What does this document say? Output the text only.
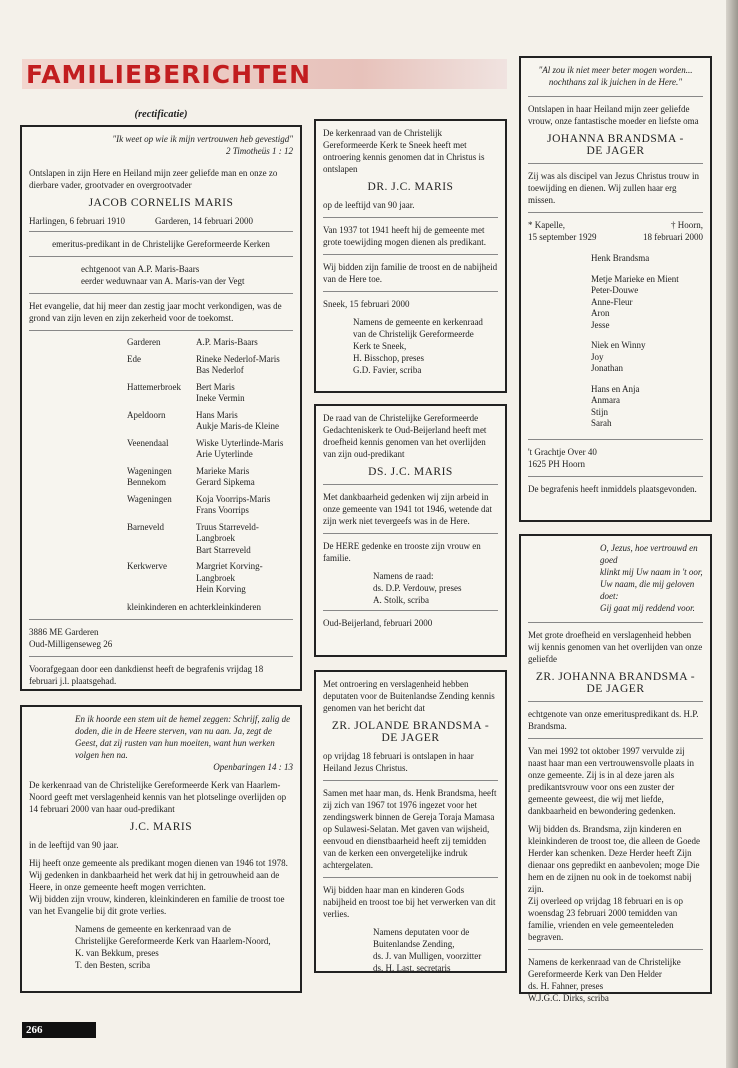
FAMILIEBERICHTEN
(rectificatie)

"Ik weet op wie ik mijn vertrouwen heb gevestigd"

2 Timotheüs 1 : 12

Ontslapen in zijn Here en Heiland mijn zeer geliefde man en onze zo dierbare vader, grootvader en overgrootvader

JACOB CORNELIS MARIS
Harlingen, 6 februari 1910	Garderen, 14 februari 2000

emeritus-predikant in de Christelijke Gereformeerde Kerken

echtgenoot van A.P. Maris-Baars
eerder weduwnaar van A. Maris-van der Vegt

Het evangelie, dat hij meer dan zestig jaar mocht verkondigen, was de grond van zijn leven en zijn zekerheid voor de toekomst.

Garderen	A.P. Maris-Baars
Ede	Rineke Nederlof-Maris
Bas Nederlof
Hattemerbroek	Bert Maris
Ineke Vermin
Apeldoorn	Hans Maris
Aukje Maris-de Kleine
Veenendaal	Wiske Uyterlinde-Maris
Arie Uyterlinde
Wageningen
Bennekom	Marieke Maris
Gerard Sipkema
Wageningen	Koja Voorrips-Maris
Frans Voorrips
Barneveld	Truus Starreveld-Langbroek
Bart Starreveld
Kerkwerve	Margriet Korving-Langbroek
Hein Korving
kleinkinderen en achterkleinkinderen
3886 ME Garderen
Oud-Milligenseweg 26

Voorafgegaan door een dankdienst heeft de begrafenis vrijdag 18 februari j.l. plaatsgehad.

En ik hoorde een stem uit de hemel zeggen: Schrijf, zalig de doden, die in de Heere sterven, van nu aan. Ja, zegt de Geest, dat zij rusten van hun moeiten, want hun werken volgen hen na.

Openbaringen 14 : 13

De kerkenraad van de Christelijke Gereformeerde Kerk van Haarlem-Noord geeft met verslagenheid kennis van het plotselinge overlijden op 14 februari 2000 van haar oud-predikant

J.C. MARIS

in de leeftijd van 90 jaar.

Hij heeft onze gemeente als predikant mogen dienen van 1946 tot 1978. Wij gedenken in dankbaarheid het werk dat hij in getrouwheid aan de Heere, in onze gemeente heeft mogen verrichten.

Wij bidden zijn vrouw, kinderen, kleinkinderen en familie de troost toe van het Evangelie bij dit grote verlies.

Namens de gemeente en kerkenraad van de
Christelijke Gereformeerde Kerk van Haarlem-Noord,
K. van Bekkum, preses
T. den Besten, scriba

De kerkenraad van de Christelijk Gereformeerde Kerk te Sneek heeft met ontroering kennis genomen dat in Christus is ontslapen

DR. J.C. MARIS

op de leeftijd van 90 jaar.

Van 1937 tot 1941 heeft hij de gemeente met grote toewijding mogen dienen als predikant.

Wij bidden zijn familie de troost en de nabijheid van de Here toe.

Sneek, 15 februari 2000

Namens de gemeente en kerkenraad
van de Christelijk Gereformeerde
Kerk te Sneek,
H. Bisschop, preses
G.D. Favier, scriba

De raad van de Christelijke Gereformeerde Gedachteniskerk te Oud-Beijerland heeft met droefheid kennis genomen van het overlijden van zijn oud-predikant

DS. J.C. MARIS

Met dankbaarheid gedenken wij zijn arbeid in onze gemeente van 1941 tot 1946, wetende dat zijn werk niet tevergeefs was in de Here.

De HERE gedenke en trooste zijn vrouw en familie.

Namens de raad:
ds. D.P. Verdouw, preses
A. Stolk, scriba

Oud-Beijerland, februari 2000

Met ontroering en verslagenheid hebben deputaten voor de Buitenlandse Zending kennis genomen van het bericht dat

ZR. JOLANDE BRANDSMA -
DE JAGER

op vrijdag 18 februari is ontslapen in haar Heiland Jezus Christus.

Samen met haar man, ds. Henk Brandsma, heeft zij zich van 1967 tot 1976 ingezet voor het zendingswerk binnen de Gereja Toraja Mamasa op Sulawesi-Selatan. Met gaven van wijsheid, eenvoud en dienstbaarheid heeft zij temidden van de kerken een onvergetelijke indruk achtergelaten.

Wij bidden haar man en kinderen Gods nabijheid en troost toe bij het verwerken van dit verlies.

Namens deputaten voor de
Buitenlandse Zending,
ds. J. van Mulligen, voorzitter
ds. H. Last, secretaris
"Al zou ik niet meer beter mogen worden...
nochthans zal ik juichen in de Here."

Ontslapen in haar Heiland mijn zeer geliefde vrouw, onze fantastische moeder en liefste oma

JOHANNA BRANDSMA -
DE JAGER

Zij was als discipel van Jezus Christus trouw in toewijding en dienen. Wij zullen haar erg missen.

* Kapelle,
15 september 1929
† Hoorn,
18 februari 2000
Henk Brandsma
Metje Marieke en Mient
Peter-Douwe
Anne-Fleur
Aron
Jesse
Niek en Winny
Joy
Jonathan
Hans en Anja
Anmara
Stijn
Sarah

't Grachtje Over 40
1625 PH Hoorn

De begrafenis heeft inmiddels plaatsgevonden.

O, Jezus, hoe vertrouwd en goed
klinkt mij Uw naam in 't oor,
Uw naam, die mij geloven doet:
Gij gaat mij reddend voor.

Met grote droefheid en verslagenheid hebben wij kennis genomen van het overlijden van onze geliefde

ZR. JOHANNA BRANDSMA -
DE JAGER

echtgenote van onze emerituspredikant ds. H.P. Brandsma.

Van mei 1992 tot oktober 1997 vervulde zij naast haar man een vertrouwensvolle plaats in onze gemeente. Zij is in al deze jaren als predikantsvrouw voor ons een zuster der gemeente geweest, die wij met liefde, dankbaarheid en bewondering gedenken.

Wij bidden ds. Brandsma, zijn kinderen en kleinkinderen de troost toe, die alleen de Goede Herder kan schenken. Deze Herder heeft Zijn dienaar ons gepredikt en aanbevolen; moge Die hem en de zijnen nu ook in de toekomst nabij zijn.

Zij overleed op vrijdag 18 februari en is op woensdag 23 februari 2000 temidden van familie, vrienden en vele gemeenteleden begraven.

Namens de kerkenraad van de Christelijke Gereformeerde Kerk van Den Helder
ds. H. Fahner, preses
W.J.G.C. Dirks, scriba
266
